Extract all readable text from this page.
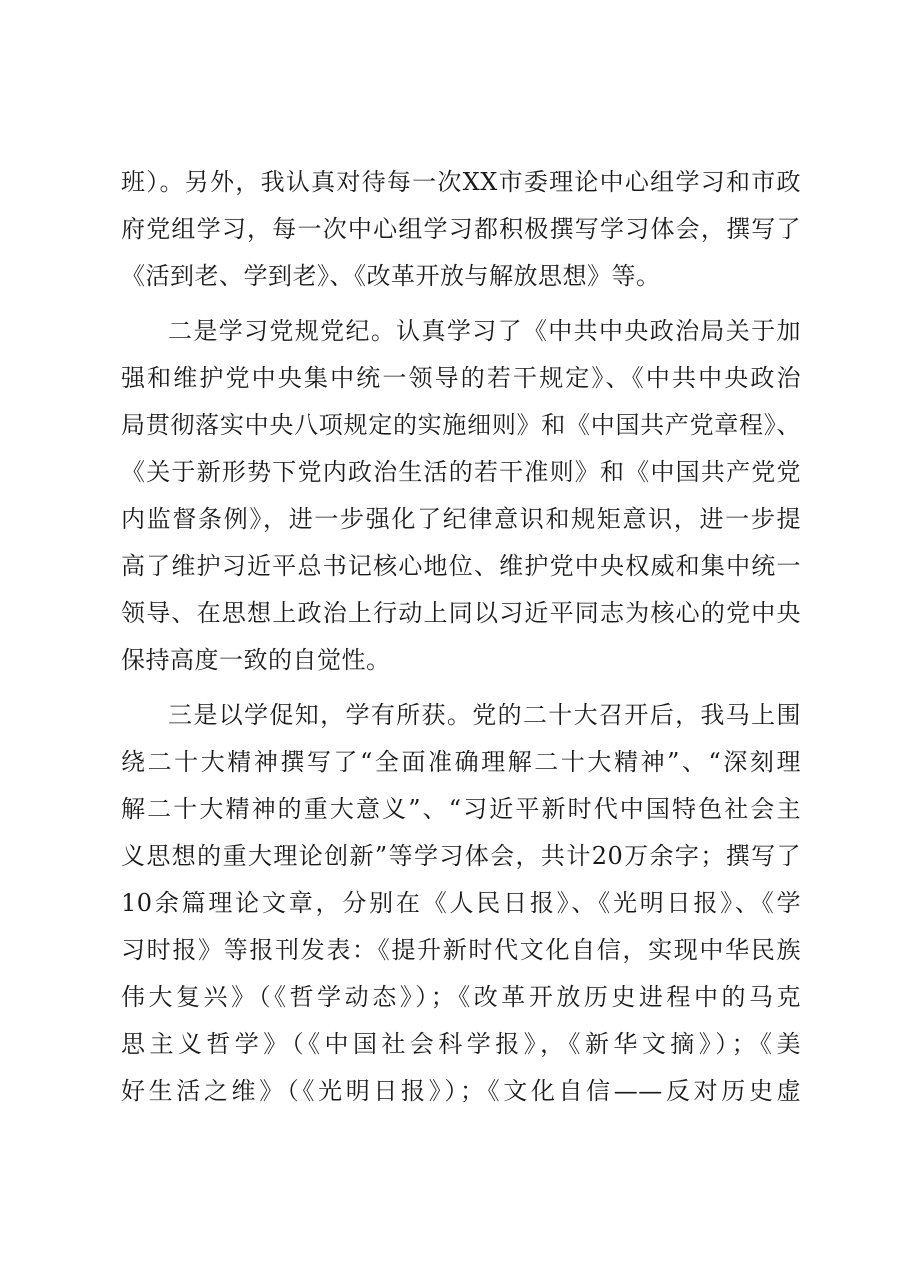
班）。另外，我认真对待每一次XX市委理论中心组学习和市政
府党组学习，每一次中心组学习都积极撰写学习体会，撰写了
《活到老、学到老》、《改革开放与解放思想》等。
二是学习党规党纪。认真学习了《中共中央政治局关于加
强和维护党中央集中统一领导的若干规定》、《中共中央政治
局贯彻落实中央八项规定的实施细则》和《中国共产党章程》、
《关于新形势下党内政治生活的若干准则》和《中国共产党党
内监督条例》，进一步强化了纪律意识和规矩意识，进一步提
高了维护习近平总书记核心地位、维护党中央权威和集中统一
领导、在思想上政治上行动上同以习近平同志为核心的党中央
保持高度一致的自觉性。
三是以学促知，学有所获。党的二十大召开后，我马上围
绕二十大精神撰写了“全面准确理解二十大精神”、“深刻理
解二十大精神的重大意义”、“习近平新时代中国特色社会主
义思想的重大理论创新”等学习体会，共计20万余字；撰写了
10余篇理论文章，分别在《人民日报》、《光明日报》、《学
习时报》等报刊发表：《提升新时代文化自信，实现中华民族
伟大复兴》（《哲学动态》）；《改革开放历史进程中的马克
思主义哲学》（《中国社会科学报》，《新华文摘》）；《美
好生活之维》（《光明日报》）；《文化自信——反对历史虚
